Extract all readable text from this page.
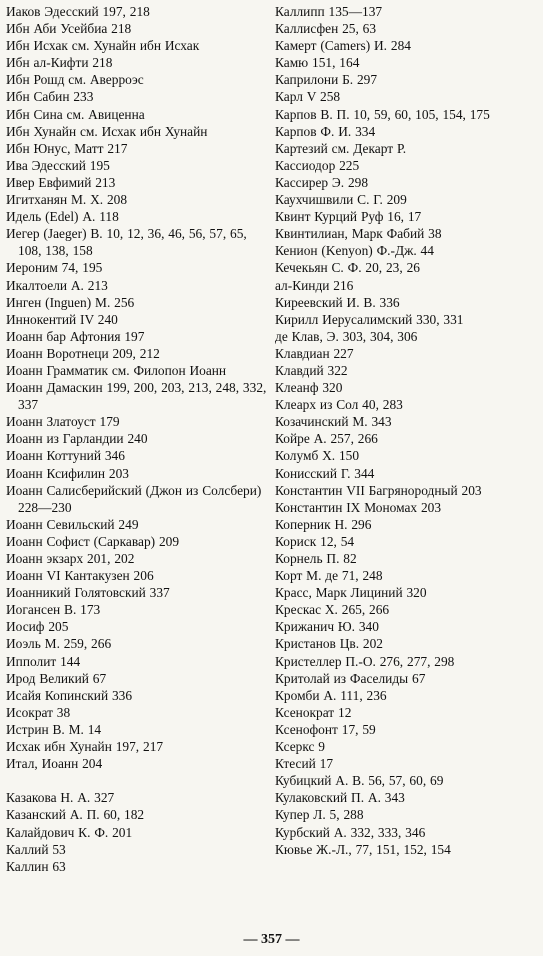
Иаков Эдесский 197, 218

Ибн Аби Усейбиа 218

Ибн Исхак см. Хунайн ибн Исхак

Ибн ал-Кифти 218

Ибн Рошд см. Аверроэс

Ибн Сабин 233

Ибн Сина см. Авиценна

Ибн Хунайн см. Исхак ибн Хунайн

Ибн Юнус, Матт 217

Ива Эдесский 195

Ивер Евфимий 213

Игитханян М. Х. 208

Идель (Edel) А. 118

Иегер (Jaeger) В. 10, 12, 36, 46, 56, 57, 65, 108, 138, 158

Иероним 74, 195

Икалтоели А. 213

Инген (Inguen) М. 256

Иннокентий IV 240

Иоанн бар Афтония 197

Иоанн Воротнеци 209, 212

Иоанн Грамматик см. Филопон Иоанн

Иоанн Дамаскин 199, 200, 203, 213, 248, 332, 337

Иоанн Златоуст 179

Иоанн из Гарландии 240

Иоанн Коттуний 346

Иоанн Ксифилин 203

Иоанн Салисберийский (Джон из Солсбери) 228—230

Иоанн Севильский 249

Иоанн Софист (Саркавар) 209

Иоанн экзарх 201, 202

Иоанн VI Кантакузен 206

Иоанникий Голятовский 337

Иогансен В. 173

Иосиф 205

Иоэль М. 259, 266

Ипполит 144

Ирод Великий 67

Исайя Копинский 336

Исократ 38

Истрин В. М. 14

Исхак ибн Хунайн 197, 217

Итал, Иоанн 204

Казакова Н. А. 327

Казанский А. П. 60, 182

Калайдович К. Ф. 201

Каллий 53

Каллин 63

Каллипп 135—137

Каллисфен 25, 63

Камерт (Camers) И. 284

Камю 151, 164

Каприлони Б. 297

Карл V 258

Карпов В. П. 10, 59, 60, 105, 154, 175

Карпов Ф. И. 334

Картезий см. Декарт Р.

Кассиодор 225

Кассирер Э. 298

Каухчишвили С. Г. 209

Квинт Курций Руф 16, 17

Квинтилиан, Марк Фабий 38

Кенион (Kenyon) Ф.-Дж. 44

Кечекьян С. Ф. 20, 23, 26

ал-Кинди 216

Киреевский И. В. 336

Кирилл Иерусалимский 330, 331

де Клав, Э. 303, 304, 306

Клавдиан 227

Клавдий 322

Клеанф 320

Клеарх из Сол 40, 283

Козачинский М. 343

Койре А. 257, 266

Колумб Х. 150

Конисский Г. 344

Константин VII Багрянородный 203

Константин IX Мономах 203

Коперник Н. 296

Кориск 12, 54

Корнель П. 82

Корт М. де 71, 248

Красс, Марк Лициний 320

Крескас Х. 265, 266

Крижанич Ю. 340

Кристанов Цв. 202

Кристеллер П.-О. 276, 277, 298

Критолай из Фаселиды 67

Кромби А. 111, 236

Ксенократ 12

Ксенофонт 17, 59

Ксеркс 9

Ктесий 17

Кубицкий А. В. 56, 57, 60, 69

Кулаковский П. А. 343

Купер Л. 5, 288

Курбский А. 332, 333, 346

Кювье Ж.-Л., 77, 151, 152, 154

— 357 —
